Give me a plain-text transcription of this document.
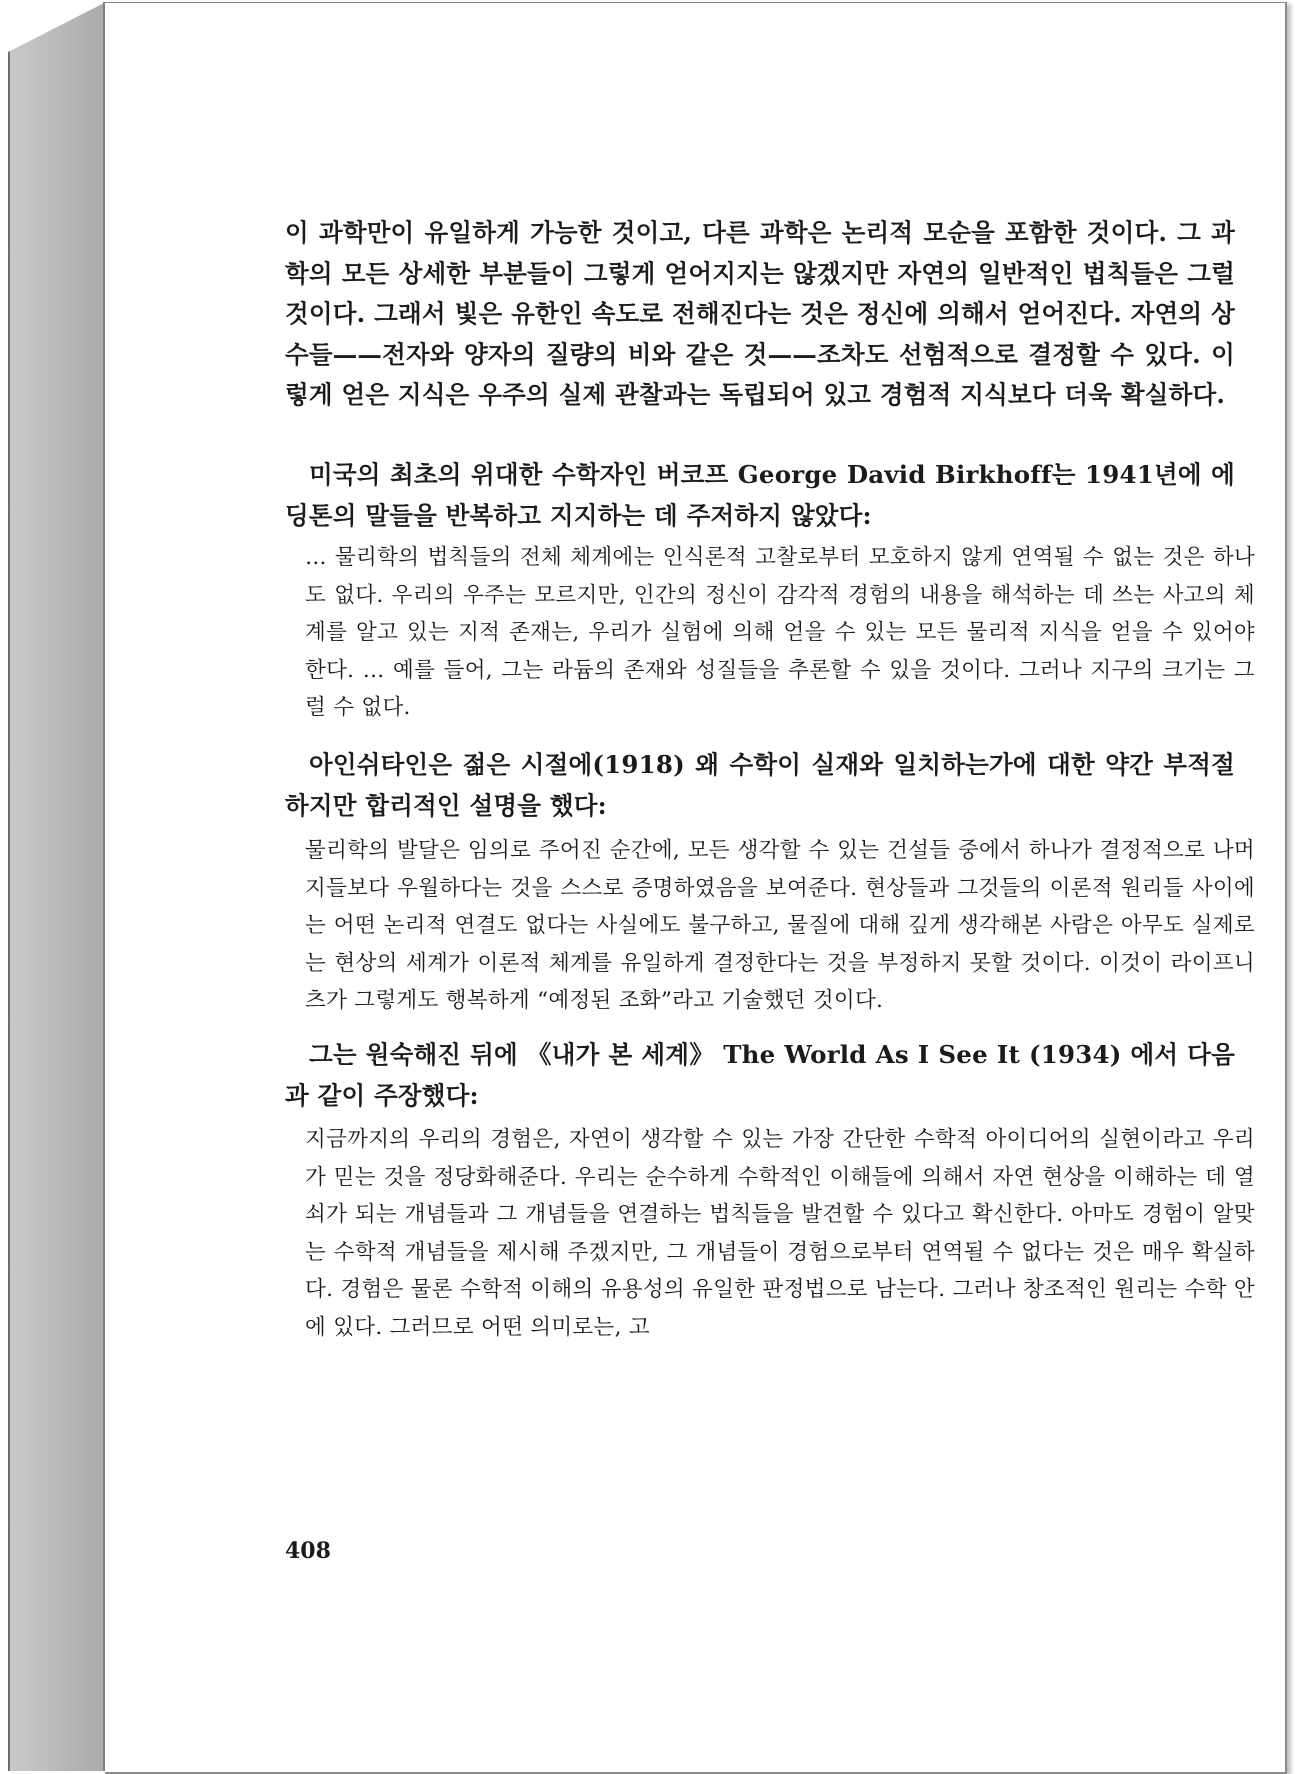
이 과학만이 유일하게 가능한 것이고, 다른 과학은 논리적 모순을 포함한 것이다. 그 과학의 모든 상세한 부분들이 그렇게 얻어지지는 않겠지만 자연의 일반적인 법칙들은 그럴 것이다. 그래서 빛은 유한인 속도로 전해진다는 것은 정신에 의해서 얻어진다. 자연의 상수들——전자와 양자의 질량의 비와 같은 것——조차도 선험적으로 결정할 수 있다. 이렇게 얻은 지식은 우주의 실제 관찰과는 독립되어 있고 경험적 지식보다 더욱 확실하다.

미국의 최초의 위대한 수학자인 버코프 George David Birkhoff는 1941년에 에딩톤의 말들을 반복하고 지지하는 데 주저하지 않았다:

… 물리학의 법칙들의 전체 체계에는 인식론적 고찰로부터 모호하지 않게 연역될 수 없는 것은 하나도 없다. 우리의 우주는 모르지만, 인간의 정신이 감각적 경험의 내용을 해석하는 데 쓰는 사고의 체계를 알고 있는 지적 존재는, 우리가 실험에 의해 얻을 수 있는 모든 물리적 지식을 얻을 수 있어야 한다. … 예를 들어, 그는 라듐의 존재와 성질들을 추론할 수 있을 것이다. 그러나 지구의 크기는 그럴 수 없다.

아인쉬타인은 젊은 시절에(1918) 왜 수학이 실재와 일치하는가에 대한 약간 부적절하지만 합리적인 설명을 했다:

물리학의 발달은 임의로 주어진 순간에, 모든 생각할 수 있는 건설들 중에서 하나가 결정적으로 나머지들보다 우월하다는 것을 스스로 증명하였음을 보여준다. 현상들과 그것들의 이론적 원리들 사이에는 어떤 논리적 연결도 없다는 사실에도 불구하고, 물질에 대해 깊게 생각해본 사람은 아무도 실제로는 현상의 세계가 이론적 체계를 유일하게 결정한다는 것을 부정하지 못할 것이다. 이것이 라이프니츠가 그렇게도 행복하게 “예정된 조화”라고 기술했던 것이다.

그는 원숙해진 뒤에 《내가 본 세계》 The World As I See It (1934) 에서 다음과 같이 주장했다:

지금까지의 우리의 경험은, 자연이 생각할 수 있는 가장 간단한 수학적 아이디어의 실현이라고 우리가 믿는 것을 정당화해준다. 우리는 순수하게 수학적인 이해들에 의해서 자연 현상을 이해하는 데 열쇠가 되는 개념들과 그 개념들을 연결하는 법칙들을 발견할 수 있다고 확신한다. 아마도 경험이 알맞는 수학적 개념들을 제시해 주겠지만, 그 개념들이 경험으로부터 연역될 수 없다는 것은 매우 확실하다. 경험은 물론 수학적 이해의 유용성의 유일한 판정법으로 남는다. 그러나 창조적인 원리는 수학 안에 있다. 그러므로 어떤 의미로는, 고

408
